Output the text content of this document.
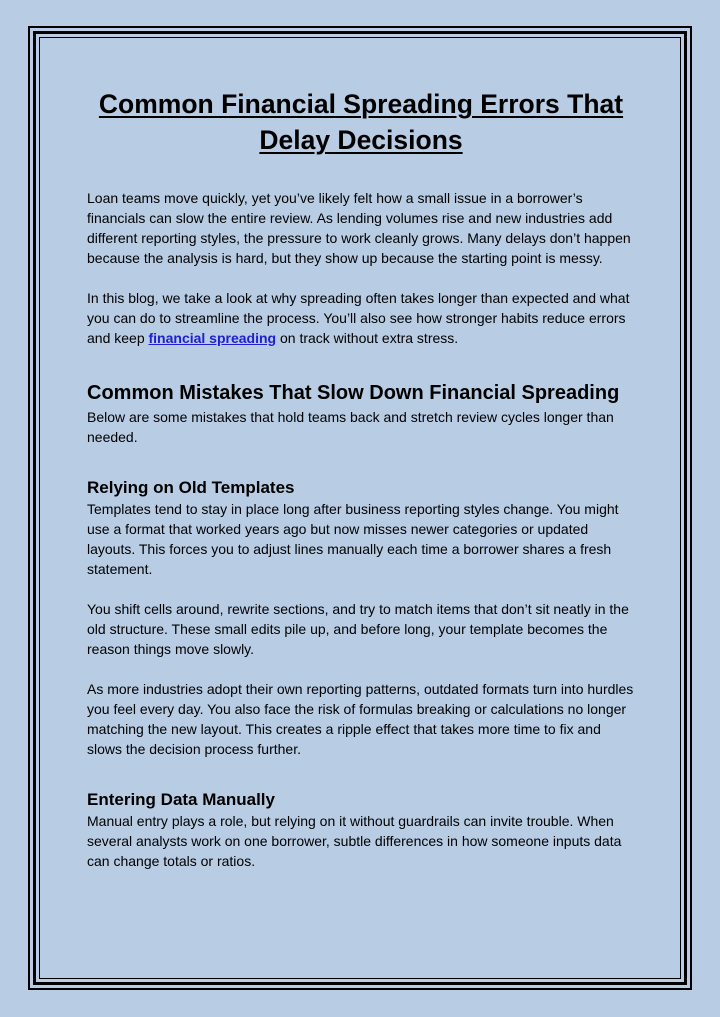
Common Financial Spreading Errors That Delay Decisions

Loan teams move quickly, yet you’ve likely felt how a small issue in a borrower’s financials can slow the entire review. As lending volumes rise and new industries add different reporting styles, the pressure to work cleanly grows. Many delays don’t happen because the analysis is hard, but they show up because the starting point is messy.

In this blog, we take a look at why spreading often takes longer than expected and what you can do to streamline the process. You’ll also see how stronger habits reduce errors and keep financial spreading on track without extra stress.

Common Mistakes That Slow Down Financial Spreading

Below are some mistakes that hold teams back and stretch review cycles longer than needed.

Relying on Old Templates

Templates tend to stay in place long after business reporting styles change. You might use a format that worked years ago but now misses newer categories or updated layouts. This forces you to adjust lines manually each time a borrower shares a fresh statement.

You shift cells around, rewrite sections, and try to match items that don’t sit neatly in the old structure. These small edits pile up, and before long, your template becomes the reason things move slowly.

As more industries adopt their own reporting patterns, outdated formats turn into hurdles you feel every day. You also face the risk of formulas breaking or calculations no longer matching the new layout. This creates a ripple effect that takes more time to fix and slows the decision process further.

Entering Data Manually

Manual entry plays a role, but relying on it without guardrails can invite trouble. When several analysts work on one borrower, subtle differences in how someone inputs data can change totals or ratios.
